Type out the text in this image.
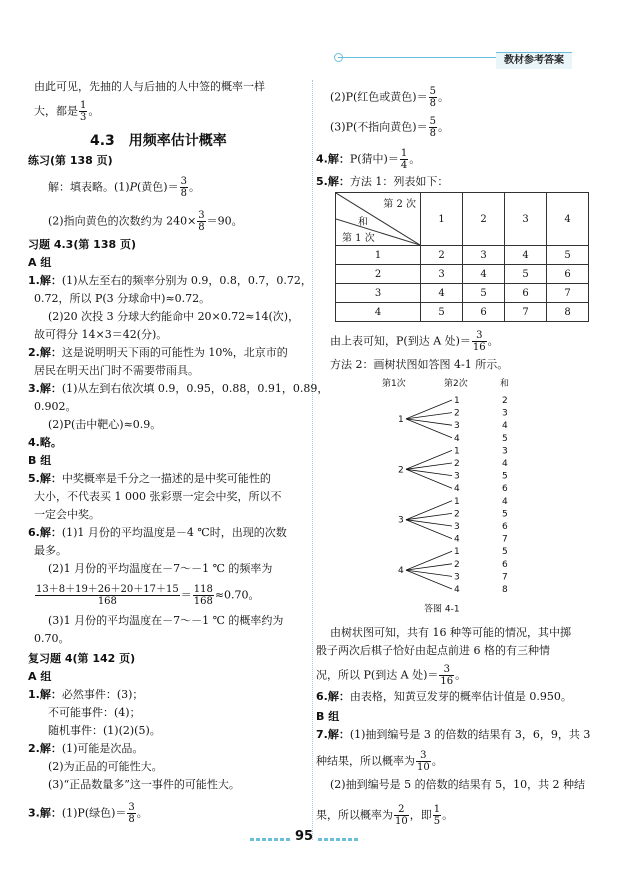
教材参考答案
由此可见，先抽的人与后抽的人中签的概率一样
大，都是 $\frac{1}{3}$ 。
4.3　用频率估计概率
练习(第 138 页)
解：填表略。(1)P(黄色)＝ $\frac{3}{8}$ 。
(2)指向黄色的次数约为 $240\times \frac{3}{8} =90$。
习题 4.3(第 138 页)
A 组
1.解：(1)从左至右的频率分别为 0.9，0.8，0.7，0.72，
0.72，所以 P(3 分球命中)≈0.72。
(2)20 次投 3 分球大约能命中 20×0.72≈14(次)，
故可得分 14×3＝42(分)。
2.解：这是说明明天下雨的可能性为 10%，北京市的
居民在明天出门时不需要带雨具。
3.解：(1)从左到右依次填 0.9，0.95，0.88，0.91，0.89，
0.902。
(2)P(击中靶心)≈0.9。
4.略。
B 组
5.解：中奖概率是千分之一描述的是中奖可能性的
大小，不代表买 1 000 张彩票一定会中奖，所以不
一定会中奖。
6.解：(1)1 月份的平均温度是－4 ℃时，出现的次数
最多。
(2)1 月份的平均温度在－7～－1 ℃ 的频率为
$\frac{13+8+19+26+20+17+15}{168} = \frac{118}{168} \approx 0.70$。
(3)1 月份的平均温度在－7～－1 ℃ 的概率约为
0.70。
复习题 4(第 142 页)
A 组
1.解：必然事件：(3)；
不可能事件：(4)；
随机事件：(1)(2)(5)。
2.解：(1)可能是次品。
(2)为正品的可能性大。
(3)“正品数量多”这一事件的可能性大。
3.解：(1)P(绿色)＝ $\frac{3}{8}$ 。
(2)P(红色或黄色)＝ $\frac{5}{8}$ 。
(3)P(不指向黄色)＝ $\frac{5}{8}$ 。
4.解：P(猜中)＝ $\frac{1}{4}$ 。
5.解：方法 1：列表如下：
第 2 次
和
第 1 次	1	2	3	4
1	2	3	4	5
2	3	4	5	6
3	4	5	6	7
4	5	6	7	8
由上表可知，P(到达 A 处)＝ $\frac{3}{16}$ 。
方法 2：画树状图如答图 4-1 所示。
第1次	第2次	和
1
1	2
2	3
3	4
4	5
2
1	3
2	4
3	5
4	6
3
1	4
2	5
3	6
4	7
4
1	5
2	6
3	7
4	8
答图 4-1
由树状图可知，共有 16 种等可能的情况，其中掷
骰子两次后棋子恰好由起点前进 6 格的有三种情
况，所以 P(到达 A 处)＝ $\frac{3}{16}$ 。
6.解：由表格，知黄豆发芽的概率估计值是 0.950。
B 组
7.解：(1)抽到编号是 3 的倍数的结果有 3，6，9，共 3
种结果，所以概率为 $\frac{3}{10}$ 。
(2)抽到编号是 5 的倍数的结果有 5，10，共 2 种结
果，所以概率为 $\frac{2}{10}$ ，即 $\frac{1}{5}$ 。
95
